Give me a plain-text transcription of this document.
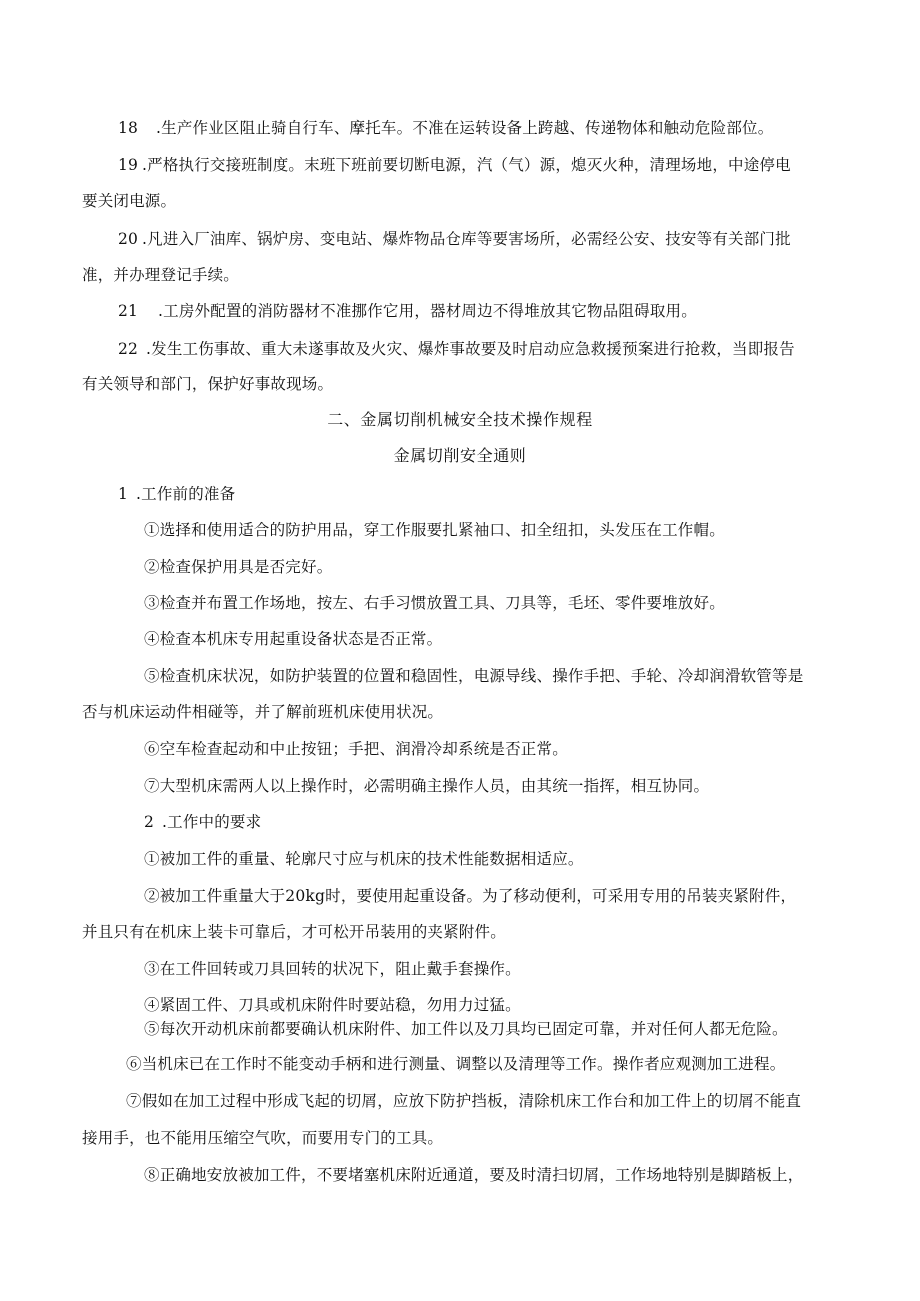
18 .生产作业区阻止骑自行车、摩托车。不准在运转设备上跨越、传递物体和触动危险部位。
19 .严格执行交接班制度。末班下班前要切断电源，汽（气）源，熄灭火种，清理场地，中途停电
要关闭电源。
20 .凡进入厂油库、锅炉房、变电站、爆炸物品仓库等要害场所，必需经公安、技安等有关部门批
准，并办理登记手续。
21 .工房外配置的消防器材不准挪作它用，器材周边不得堆放其它物品阻碍取用。
22 .发生工伤事故、重大未遂事故及火灾、爆炸事故要及时启动应急救援预案进行抢救，当即报告
有关领导和部门，保护好事故现场。
二、金属切削机械安全技术操作规程
金属切削安全通则
1 .工作前的准备
①选择和使用适合的防护用品，穿工作服要扎紧袖口、扣全纽扣，头发压在工作帽。
②检查保护用具是否完好。
③检查并布置工作场地，按左、右手习惯放置工具、刀具等，毛坯、零件要堆放好。
④检查本机床专用起重设备状态是否正常。
⑤检查机床状况，如防护装置的位置和稳固性，电源导线、操作手把、手轮、冷却润滑软管等是
否与机床运动件相碰等，并了解前班机床使用状况。
⑥空车检查起动和中止按钮；手把、润滑冷却系统是否正常。
⑦大型机床需两人以上操作时，必需明确主操作人员，由其统一指挥，相互协同。
2 .工作中的要求
①被加工件的重量、轮廓尺寸应与机床的技术性能数据相适应。
②被加工件重量大于20kg时，要使用起重设备。为了移动便利，可采用专用的吊装夹紧附件，
并且只有在机床上装卡可靠后，才可松开吊装用的夹紧附件。
③在工件回转或刀具回转的状况下，阻止戴手套操作。
④紧固工件、刀具或机床附件时要站稳，勿用力过猛。
⑤每次开动机床前都要确认机床附件、加工件以及刀具均已固定可靠，并对任何人都无危险。
⑥当机床已在工作时不能变动手柄和进行测量、调整以及清理等工作。操作者应观测加工进程。
⑦假如在加工过程中形成飞起的切屑，应放下防护挡板，清除机床工作台和加工件上的切屑不能直
接用手，也不能用压缩空气吹，而要用专门的工具。
⑧正确地安放被加工件，不要堵塞机床附近通道，要及时清扫切屑，工作场地特别是脚踏板上，
